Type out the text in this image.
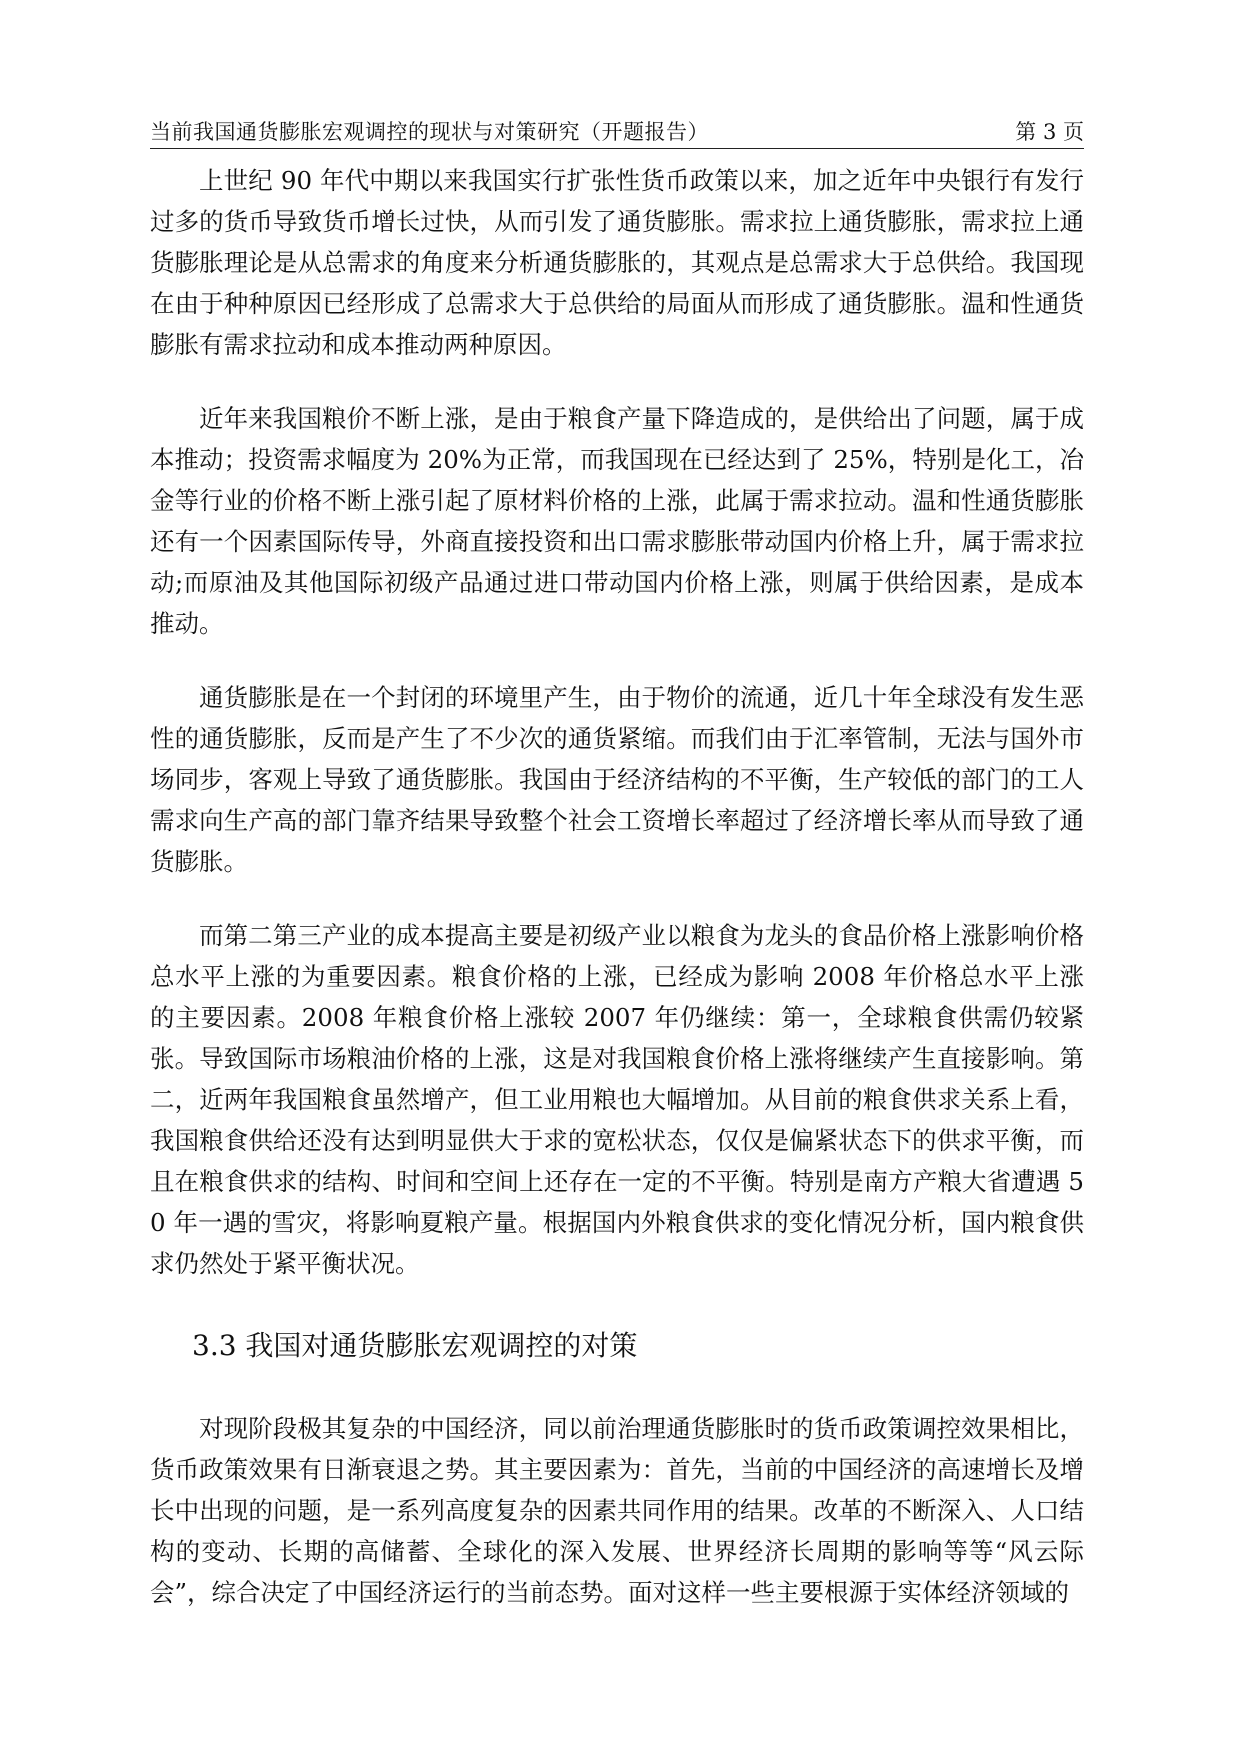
当前我国通货膨胀宏观调控的现状与对策研究（开题报告）	第 3 页

上世纪 90 年代中期以来我国实行扩张性货币政策以来，加之近年中央银行有发行过多的货币导致货币增长过快，从而引发了通货膨胀。需求拉上通货膨胀，需求拉上通货膨胀理论是从总需求的角度来分析通货膨胀的，其观点是总需求大于总供给。我国现在由于种种原因已经形成了总需求大于总供给的局面从而形成了通货膨胀。温和性通货膨胀有需求拉动和成本推动两种原因。

近年来我国粮价不断上涨，是由于粮食产量下降造成的，是供给出了问题，属于成本推动；投资需求幅度为 20%为正常，而我国现在已经达到了 25%，特别是化工，冶金等行业的价格不断上涨引起了原材料价格的上涨，此属于需求拉动。温和性通货膨胀还有一个因素国际传导，外商直接投资和出口需求膨胀带动国内价格上升，属于需求拉动;而原油及其他国际初级产品通过进口带动国内价格上涨，则属于供给因素，是成本推动。

通货膨胀是在一个封闭的环境里产生，由于物价的流通，近几十年全球没有发生恶性的通货膨胀，反而是产生了不少次的通货紧缩。而我们由于汇率管制，无法与国外市场同步，客观上导致了通货膨胀。我国由于经济结构的不平衡，生产较低的部门的工人需求向生产高的部门靠齐结果导致整个社会工资增长率超过了经济增长率从而导致了通货膨胀。

而第二第三产业的成本提高主要是初级产业以粮食为龙头的食品价格上涨影响价格总水平上涨的为重要因素。粮食价格的上涨，已经成为影响 2008 年价格总水平上涨的主要因素。2008 年粮食价格上涨较 2007 年仍继续：第一，全球粮食供需仍较紧张。导致国际市场粮油价格的上涨，这是对我国粮食价格上涨将继续产生直接影响。第二，近两年我国粮食虽然增产，但工业用粮也大幅增加。从目前的粮食供求关系上看，我国粮食供给还没有达到明显供大于求的宽松状态，仅仅是偏紧状态下的供求平衡，而且在粮食供求的结构、时间和空间上还存在一定的不平衡。特别是南方产粮大省遭遇 50 年一遇的雪灾，将影响夏粮产量。根据国内外粮食供求的变化情况分析，国内粮食供求仍然处于紧平衡状况。

3.3 我国对通货膨胀宏观调控的对策

对现阶段极其复杂的中国经济，同以前治理通货膨胀时的货币政策调控效果相比，货币政策效果有日渐衰退之势。其主要因素为：首先，当前的中国经济的高速增长及增长中出现的问题，是一系列高度复杂的因素共同作用的结果。改革的不断深入、人口结构的变动、长期的高储蓄、全球化的深入发展、世界经济长周期的影响等等“风云际会”，综合决定了中国经济运行的当前态势。面对这样一些主要根源于实体经济领域的
